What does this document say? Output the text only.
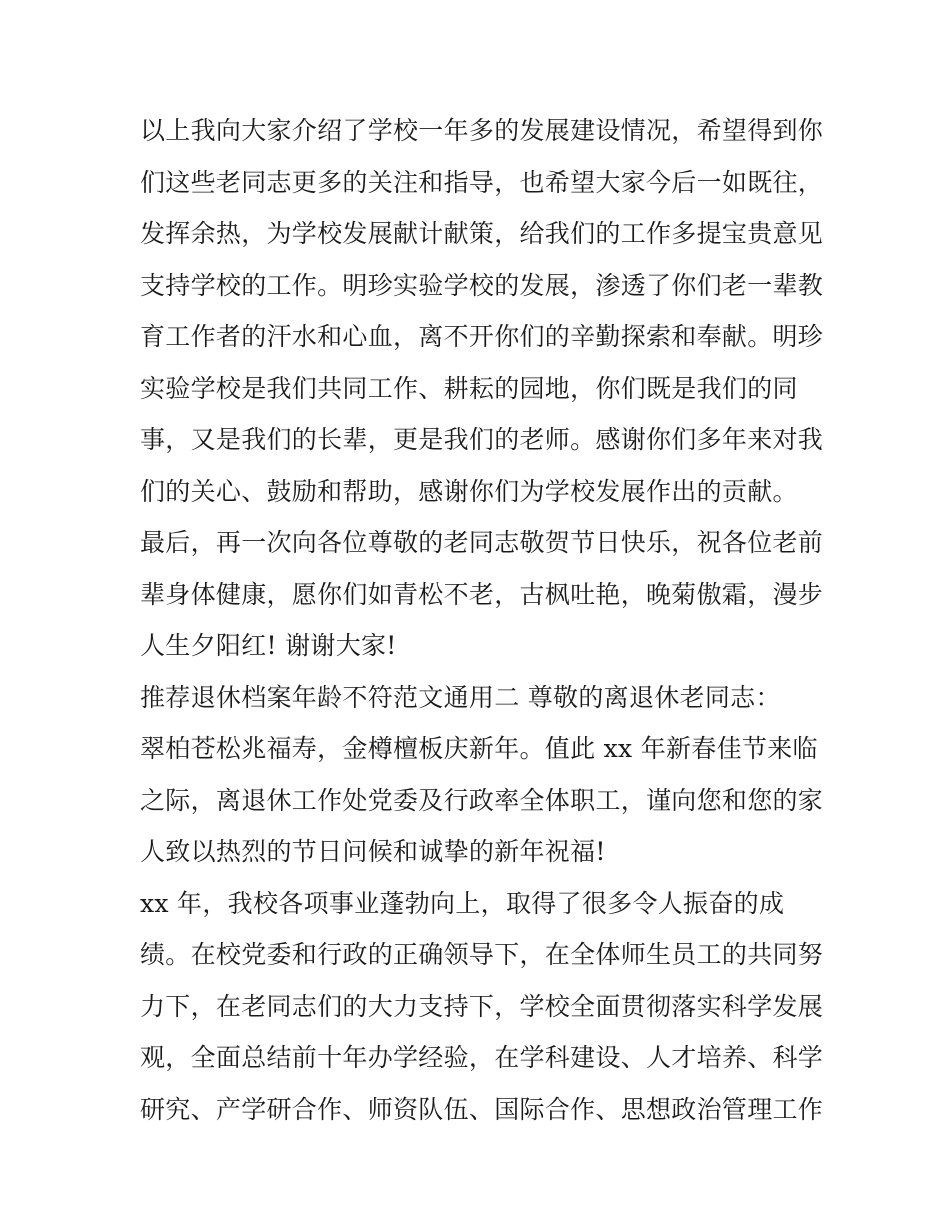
以上我向大家介绍了学校一年多的发展建设情况，希望得到你
们这些老同志更多的关注和指导，也希望大家今后一如既往，
发挥余热，为学校发展献计献策，给我们的工作多提宝贵意见
支持学校的工作。明珍实验学校的发展，渗透了你们老一辈教
育工作者的汗水和心血，离不开你们的辛勤探索和奉献。明珍
实验学校是我们共同工作、耕耘的园地，你们既是我们的同
事，又是我们的长辈，更是我们的老师。感谢你们多年来对我
们的关心、鼓励和帮助，感谢你们为学校发展作出的贡献。
最后，再一次向各位尊敬的老同志敬贺节日快乐，祝各位老前
辈身体健康，愿你们如青松不老，古枫吐艳，晚菊傲霜，漫步
人生夕阳红! 谢谢大家!
推荐退休档案年龄不符范文通用二 尊敬的离退休老同志：
翠柏苍松兆福寿，金樽檀板庆新年。值此 xx 年新春佳节来临
之际，离退休工作处党委及行政率全体职工，谨向您和您的家
人致以热烈的节日问候和诚挚的新年祝福!
xx 年，我校各项事业蓬勃向上，取得了很多令人振奋的成
绩。在校党委和行政的正确领导下，在全体师生员工的共同努
力下，在老同志们的大力支持下，学校全面贯彻落实科学发展
观，全面总结前十年办学经验，在学科建设、人才培养、科学
研究、产学研合作、师资队伍、国际合作、思想政治管理工作
